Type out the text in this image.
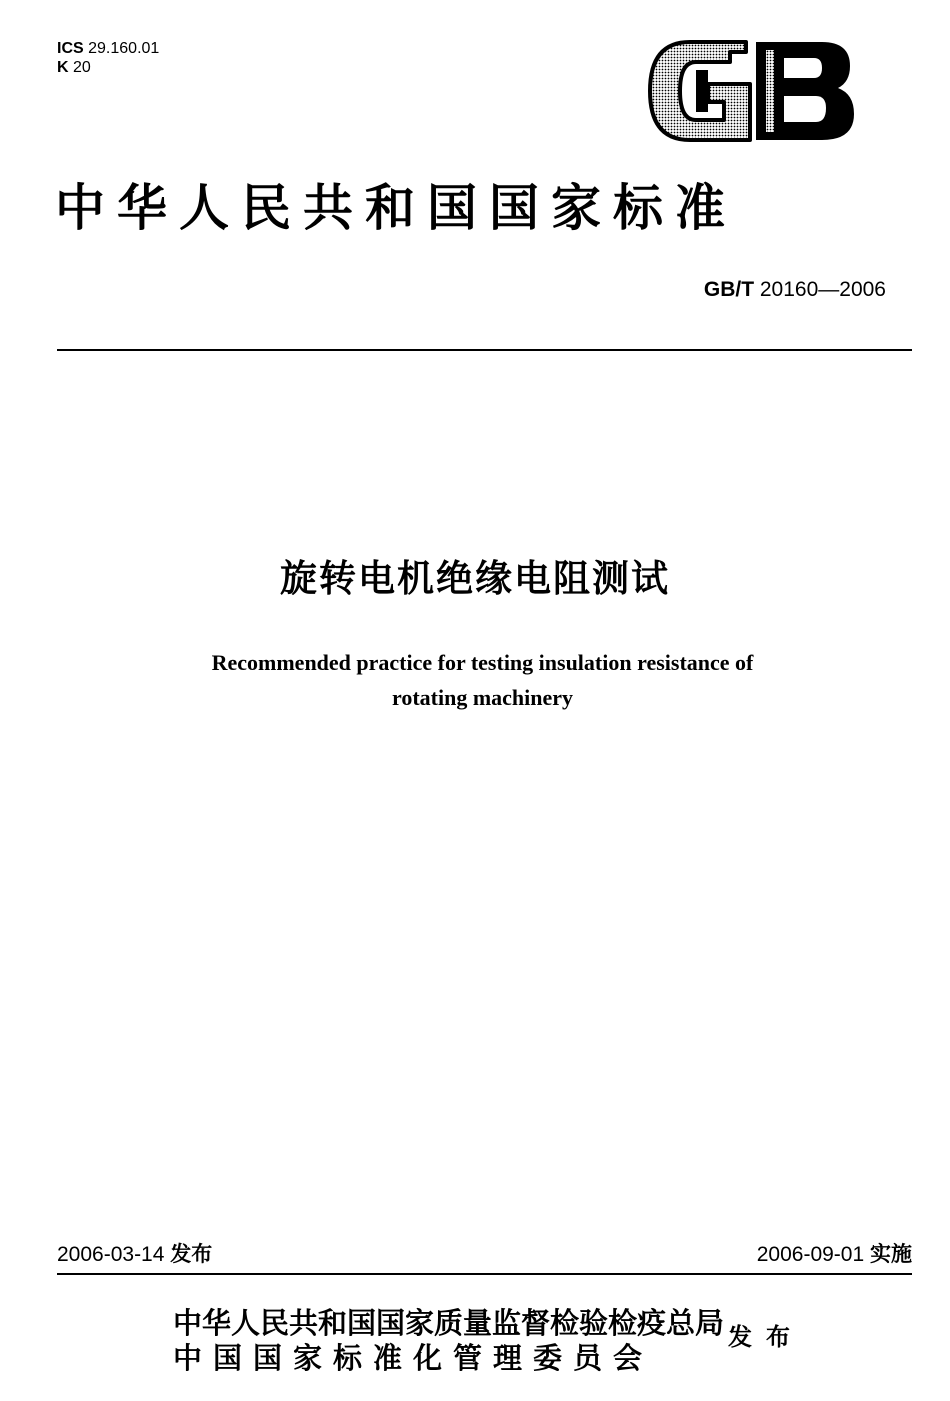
ICS 29.160.01
K 20
中华人民共和国国家标准
GB/T 20160—2006
旋转电机绝缘电阻测试
Recommended practice for testing insulation resistance of
rotating machinery
2006-03-14 发布	2006-09-01 实施
中华人民共和国国家质量监督检验检疫总局
中国国家标准化管理委员会
发布
